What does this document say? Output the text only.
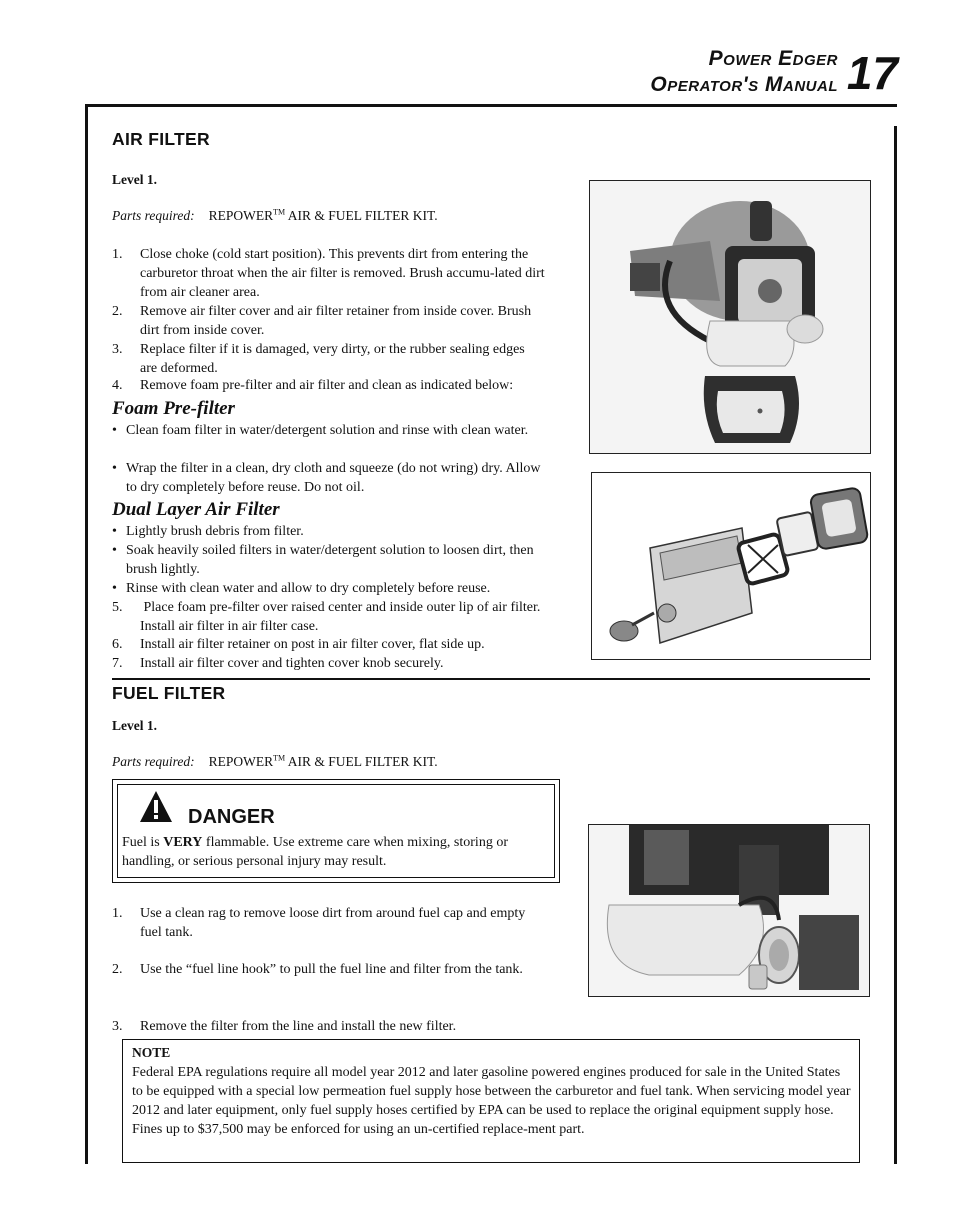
Power Edger
Operator's Manual 17
AIR FILTER
Level 1.
Parts required: REPOWER™ AIR & FUEL FILTER KIT.
1. Close choke (cold start position). This prevents dirt from entering the carburetor throat when the air filter is removed. Brush accumu-lated dirt from air cleaner area.
2. Remove air filter cover and air filter retainer from inside cover. Brush dirt from inside cover.
3. Replace filter if it is damaged, very dirty, or the rubber sealing edges are deformed.
4. Remove foam pre-filter and air filter and clean as indicated below:
Foam Pre-filter
• Clean foam filter in water/detergent solution and rinse with clean water.
• Wrap the filter in a clean, dry cloth and squeeze (do not wring) dry. Allow to dry completely before reuse. Do not oil.
Dual Layer Air Filter
• Lightly brush debris from filter.
• Soak heavily soiled filters in water/detergent solution to loosen dirt, then brush lightly.
• Rinse with clean water and allow to dry completely before reuse.
5. Place foam pre-filter over raised center and inside outer lip of air filter. Install air filter in air filter case.
6. Install air filter retainer on post in air filter cover, flat side up.
7. Install air filter cover and tighten cover knob securely.
FUEL FILTER
Level 1.
Parts required: REPOWER™ AIR & FUEL FILTER KIT.
DANGER
Fuel is VERY flammable. Use extreme care when mixing, storing or handling, or serious personal injury may result.
1. Use a clean rag to remove loose dirt from around fuel cap and empty fuel tank.
2. Use the “fuel line hook” to pull the fuel line and filter from the tank.
3. Remove the filter from the line and install the new filter.
NOTE
Federal EPA regulations require all model year 2012 and later gasoline powered engines produced for sale in the United States to be equipped with a special low permeation fuel supply hose between the carburetor and fuel tank. When servicing model year 2012 and later equipment, only fuel supply hoses certified by EPA can be used to replace the original equipment supply hose. Fines up to $37,500 may be enforced for using an un-certified replace-ment part.
